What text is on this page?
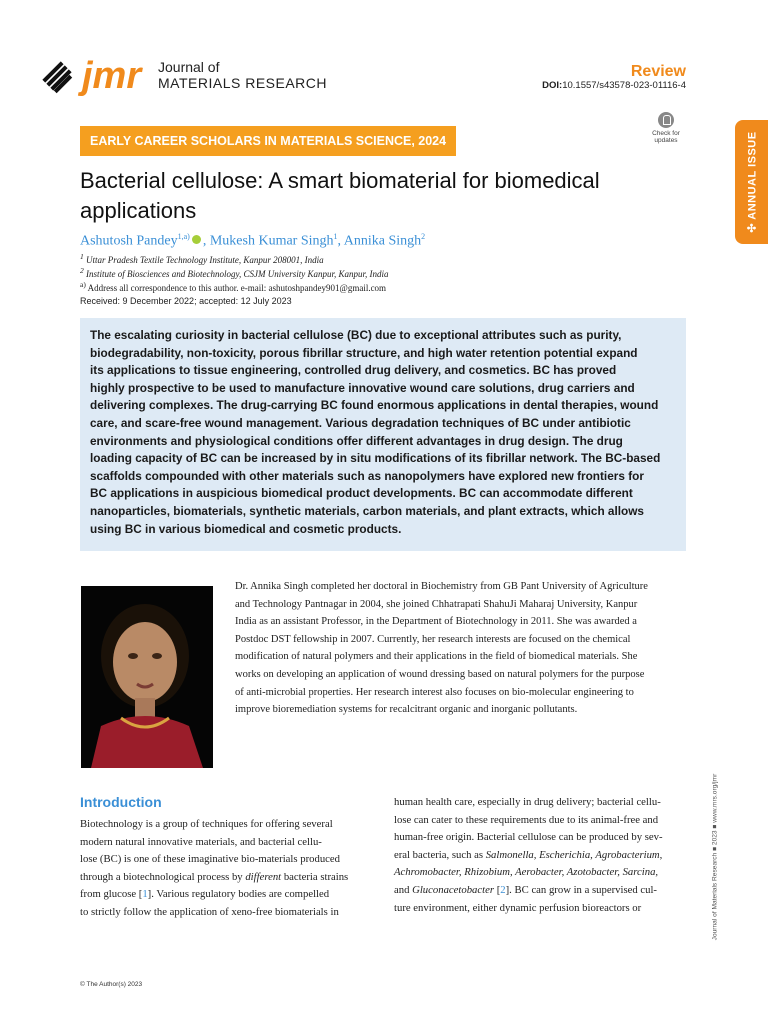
jmr Journal of
MATERIALS RESEARCH
Review
DOI:10.1557/s43578-023-01116-4
EARLY CAREER SCHOLARS IN MATERIALS SCIENCE, 2024
Check for
updates
✣ ANNUAL ISSUE
Bacterial cellulose: A smart biomaterial for biomedical
applications
Ashutosh Pandey$^{1,a)}$ , Mukesh Kumar Singh$^1$, Annika Singh$^2$
$^1$ Uttar Pradesh Textile Technology Institute, Kanpur 208001, India
$^2$ Institute of Biosciences and Biotechnology, CSJM University Kanpur, Kanpur, India
$^{a)}$ Address all correspondence to this author. e-mail: ashutoshpandey901@gmail.com
Received: 9 December 2022; accepted: 12 July 2023
The escalating curiosity in bacterial cellulose (BC) due to exceptional attributes such as purity,
biodegradability, non-toxicity, porous fibrillar structure, and high water retention potential expand
its applications to tissue engineering, controlled drug delivery, and cosmetics. BC has proved
highly prospective to be used to manufacture innovative wound care solutions, drug carriers and
delivering complexes. The drug-carrying BC found enormous applications in dental therapies, wound
care, and scare-free wound management. Various degradation techniques of BC under antibiotic
environments and physiological conditions offer different advantages in drug design. The drug
loading capacity of BC can be increased by in situ modifications of its fibrillar network. The BC-based
scaffolds compounded with other materials such as nanopolymers have explored new frontiers for
BC applications in auspicious biomedical product developments. BC can accommodate different
nanoparticles, biomaterials, synthetic materials, carbon materials, and plant extracts, which allows
using BC in various biomedical and cosmetic products.
Dr. Annika Singh completed her doctoral in Biochemistry from GB Pant University of Agriculture
and Technology Pantnagar in 2004, she joined Chhatrapati ShahuJi Maharaj University, Kanpur
India as an assistant Professor, in the Department of Biotechnology in 2011. She was awarded a
Postdoc DST fellowship in 2007. Currently, her research interests are focused on the chemical
modification of natural polymers and their applications in the field of biomedical materials. She
works on developing an application of wound dressing based on natural polymers for the purpose
of anti-microbial properties. Her research interest also focuses on bio-molecular engineering to
improve bioremediation systems for recalcitrant organic and inorganic pollutants.
Introduction
Biotechnology is a group of techniques for offering several
modern natural innovative materials, and bacterial cellu-
lose (BC) is one of these imaginative bio-materials produced
through a biotechnological process by different bacteria strains
from glucose [1]. Various regulatory bodies are compelled
to strictly follow the application of xeno-free biomaterials in
human health care, especially in drug delivery; bacterial cellu-
lose can cater to these requirements due to its animal-free and
human-free origin. Bacterial cellulose can be produced by sev-
eral bacteria, such as Salmonella, Escherichia, Agrobacterium,
Achromobacter, Rhizobium, Aerobacter, Azotobacter, Sarcina,
and Gluconacetobacter [2]. BC can grow in a supervised cul-
ture environment, either dynamic perfusion bioreactors or	Journal of Materials Research ■ 2023 ■ www.mrs.org/jmr
© The Author(s) 2023
